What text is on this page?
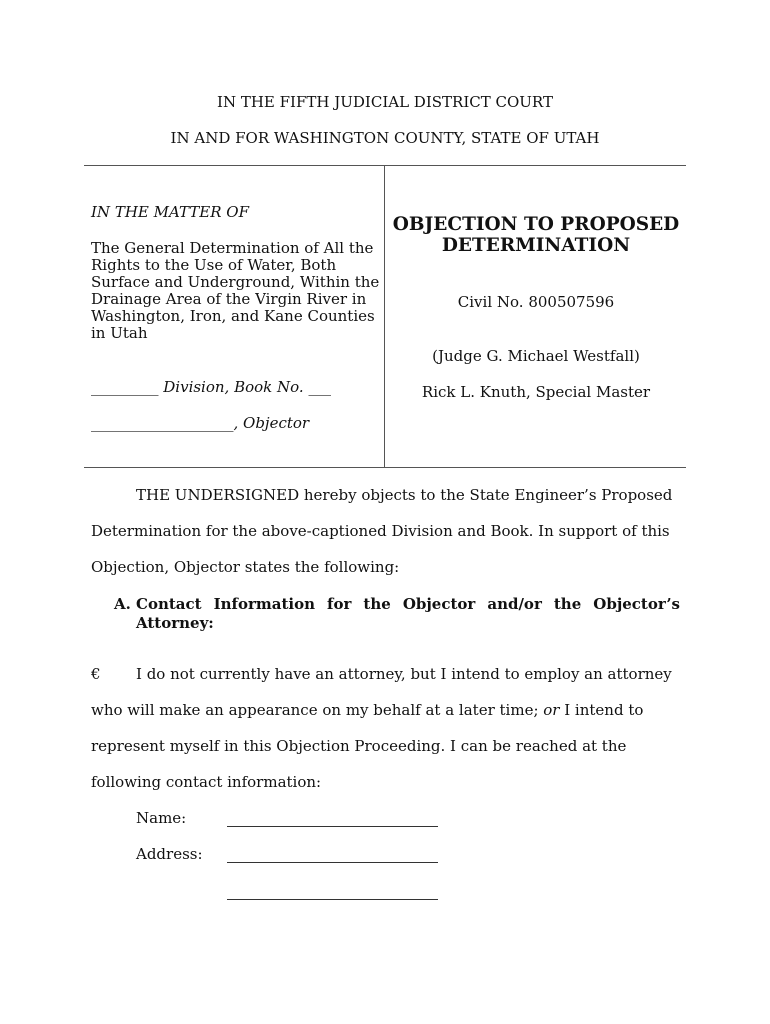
IN THE FIFTH JUDICIAL DISTRICT COURT
IN AND FOR WASHINGTON COUNTY, STATE OF UTAH
IN THE MATTER OF
The General Determination of All the Rights to the Use of Water, Both Surface and Underground, Within the Drainage Area of the Virgin River in Washington, Iron, and Kane Counties in Utah
_________ Division, Book No. ___
___________________, Objector
OBJECTION TO PROPOSED DETERMINATION
Civil No. 800507596
(Judge G. Michael Westfall)
Rick L. Knuth, Special Master
THE UNDERSIGNED hereby objects to the State Engineer’s Proposed
Determination for the above-captioned Division and Book. In support of this
Objection, Objector states the following:
A. Contact Information for the Objector and/or the Objector’s
Attorney:
€	I do not currently have an attorney, but I intend to employ an attorney
who will make an appearance on my behalf at a later time; or I intend to
represent myself in this Objection Proceeding. I can be reached at the
following contact information:
Name:
Address:
